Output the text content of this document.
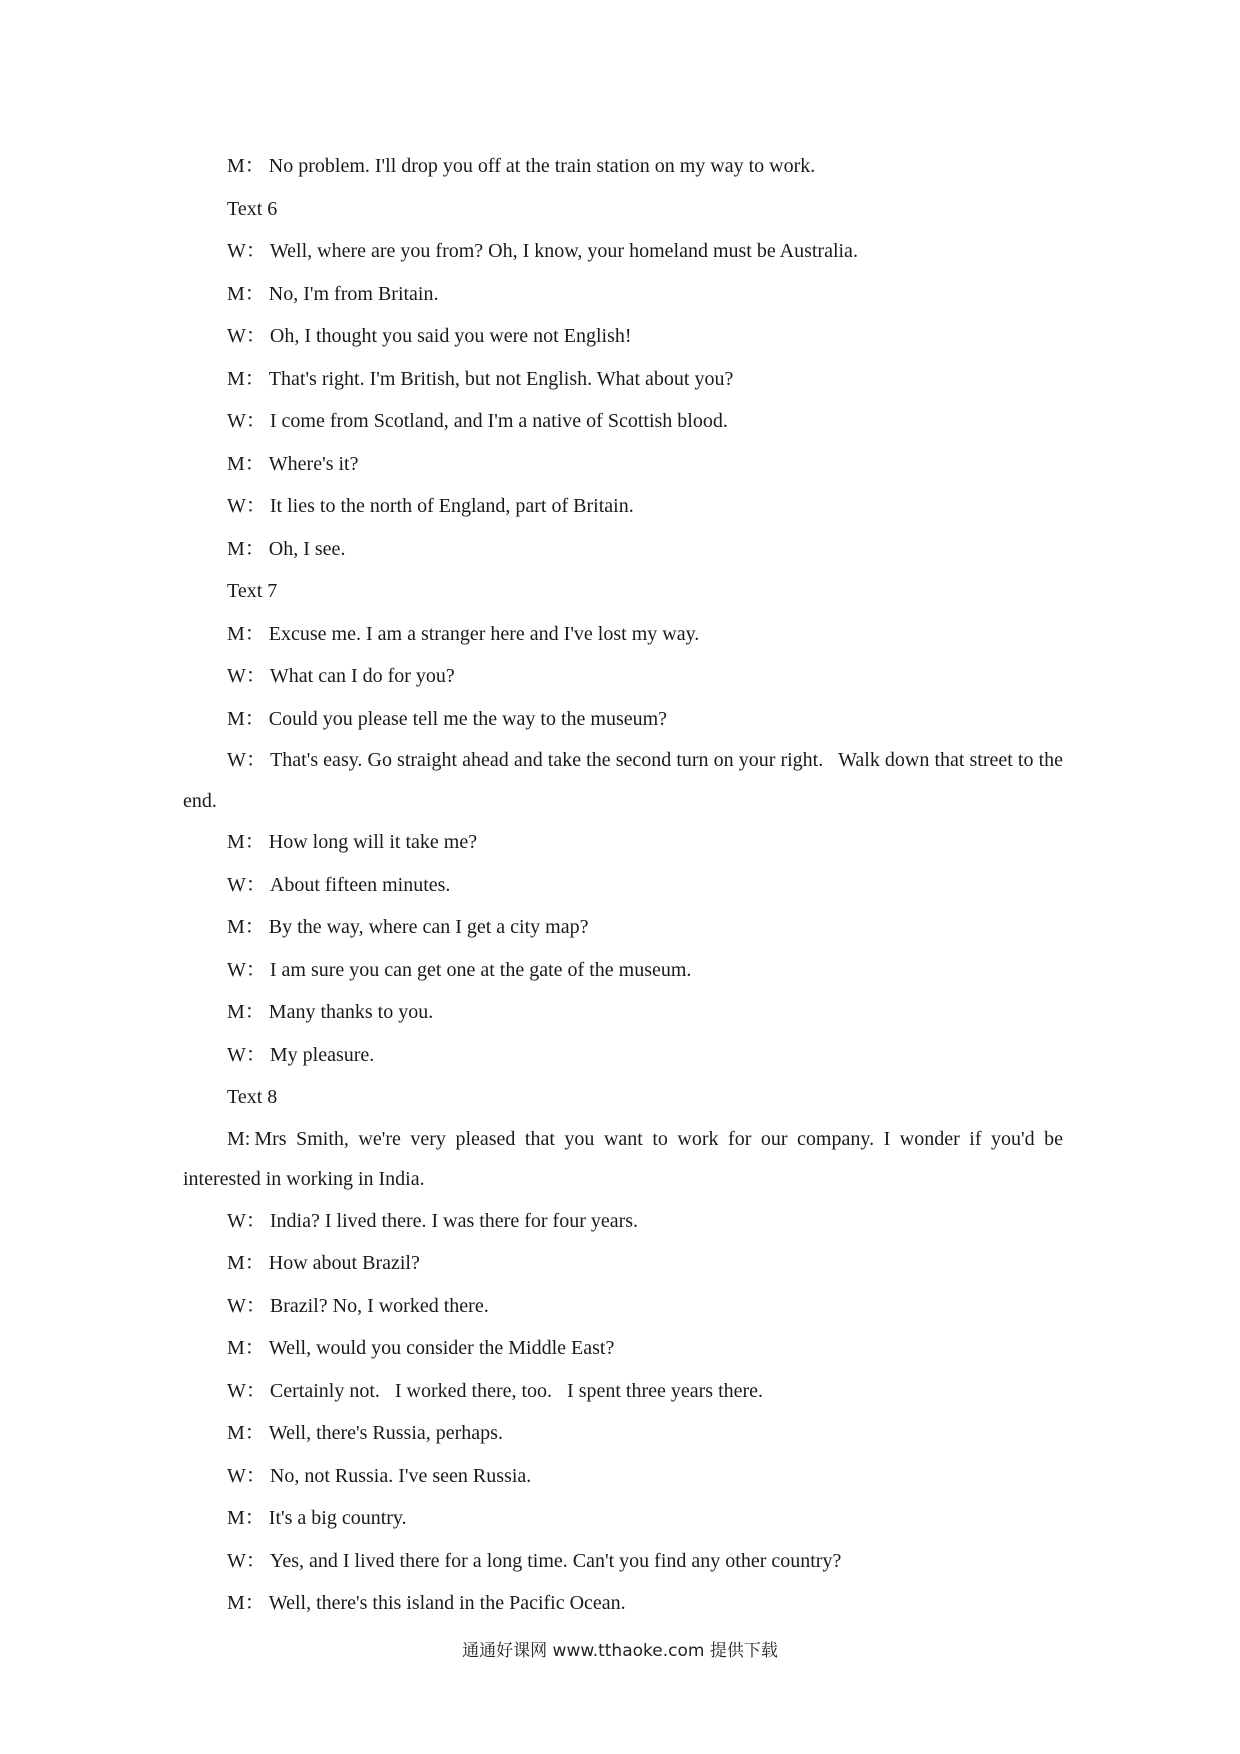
M： No problem. I'll drop you off at the train station on my way to work.
Text 6
W： Well, where are you from? Oh, I know, your homeland must be Australia.
M： No, I'm from Britain.
W： Oh, I thought you said you were not English!
M： That's right. I'm British, but not English. What about you?
W： I come from Scotland, and I'm a native of Scottish blood.
M： Where's it?
W： It lies to the north of England, part of Britain.
M： Oh, I see.
Text 7
M： Excuse me. I am a stranger here and I've lost my way.
W： What can I do for you?
M： Could you please tell me the way to the museum?

W： That's easy. Go straight ahead and take the second turn on your right.   Walk down that street to the end.

M： How long will it take me?
W： About fifteen minutes.
M： By the way, where can I get a city map?
W： I am sure you can get one at the gate of the museum.
M： Many thanks to you.
W： My pleasure.
Text 8

M: Mrs Smith, we're very pleased that you want to work for our company. I wonder if you'd be interested in working in India.

W： India? I lived there. I was there for four years.
M： How about Brazil?
W： Brazil? No, I worked there.
M： Well, would you consider the Middle East?
W： Certainly not.   I worked there, too.   I spent three years there.
M： Well, there's Russia, perhaps.
W： No, not Russia. I've seen Russia.
M： It's a big country.
W： Yes, and I lived there for a long time. Can't you find any other country?
M： Well, there's this island in the Pacific Ocean.
通通好课网 www.tthaoke.com 提供下载
